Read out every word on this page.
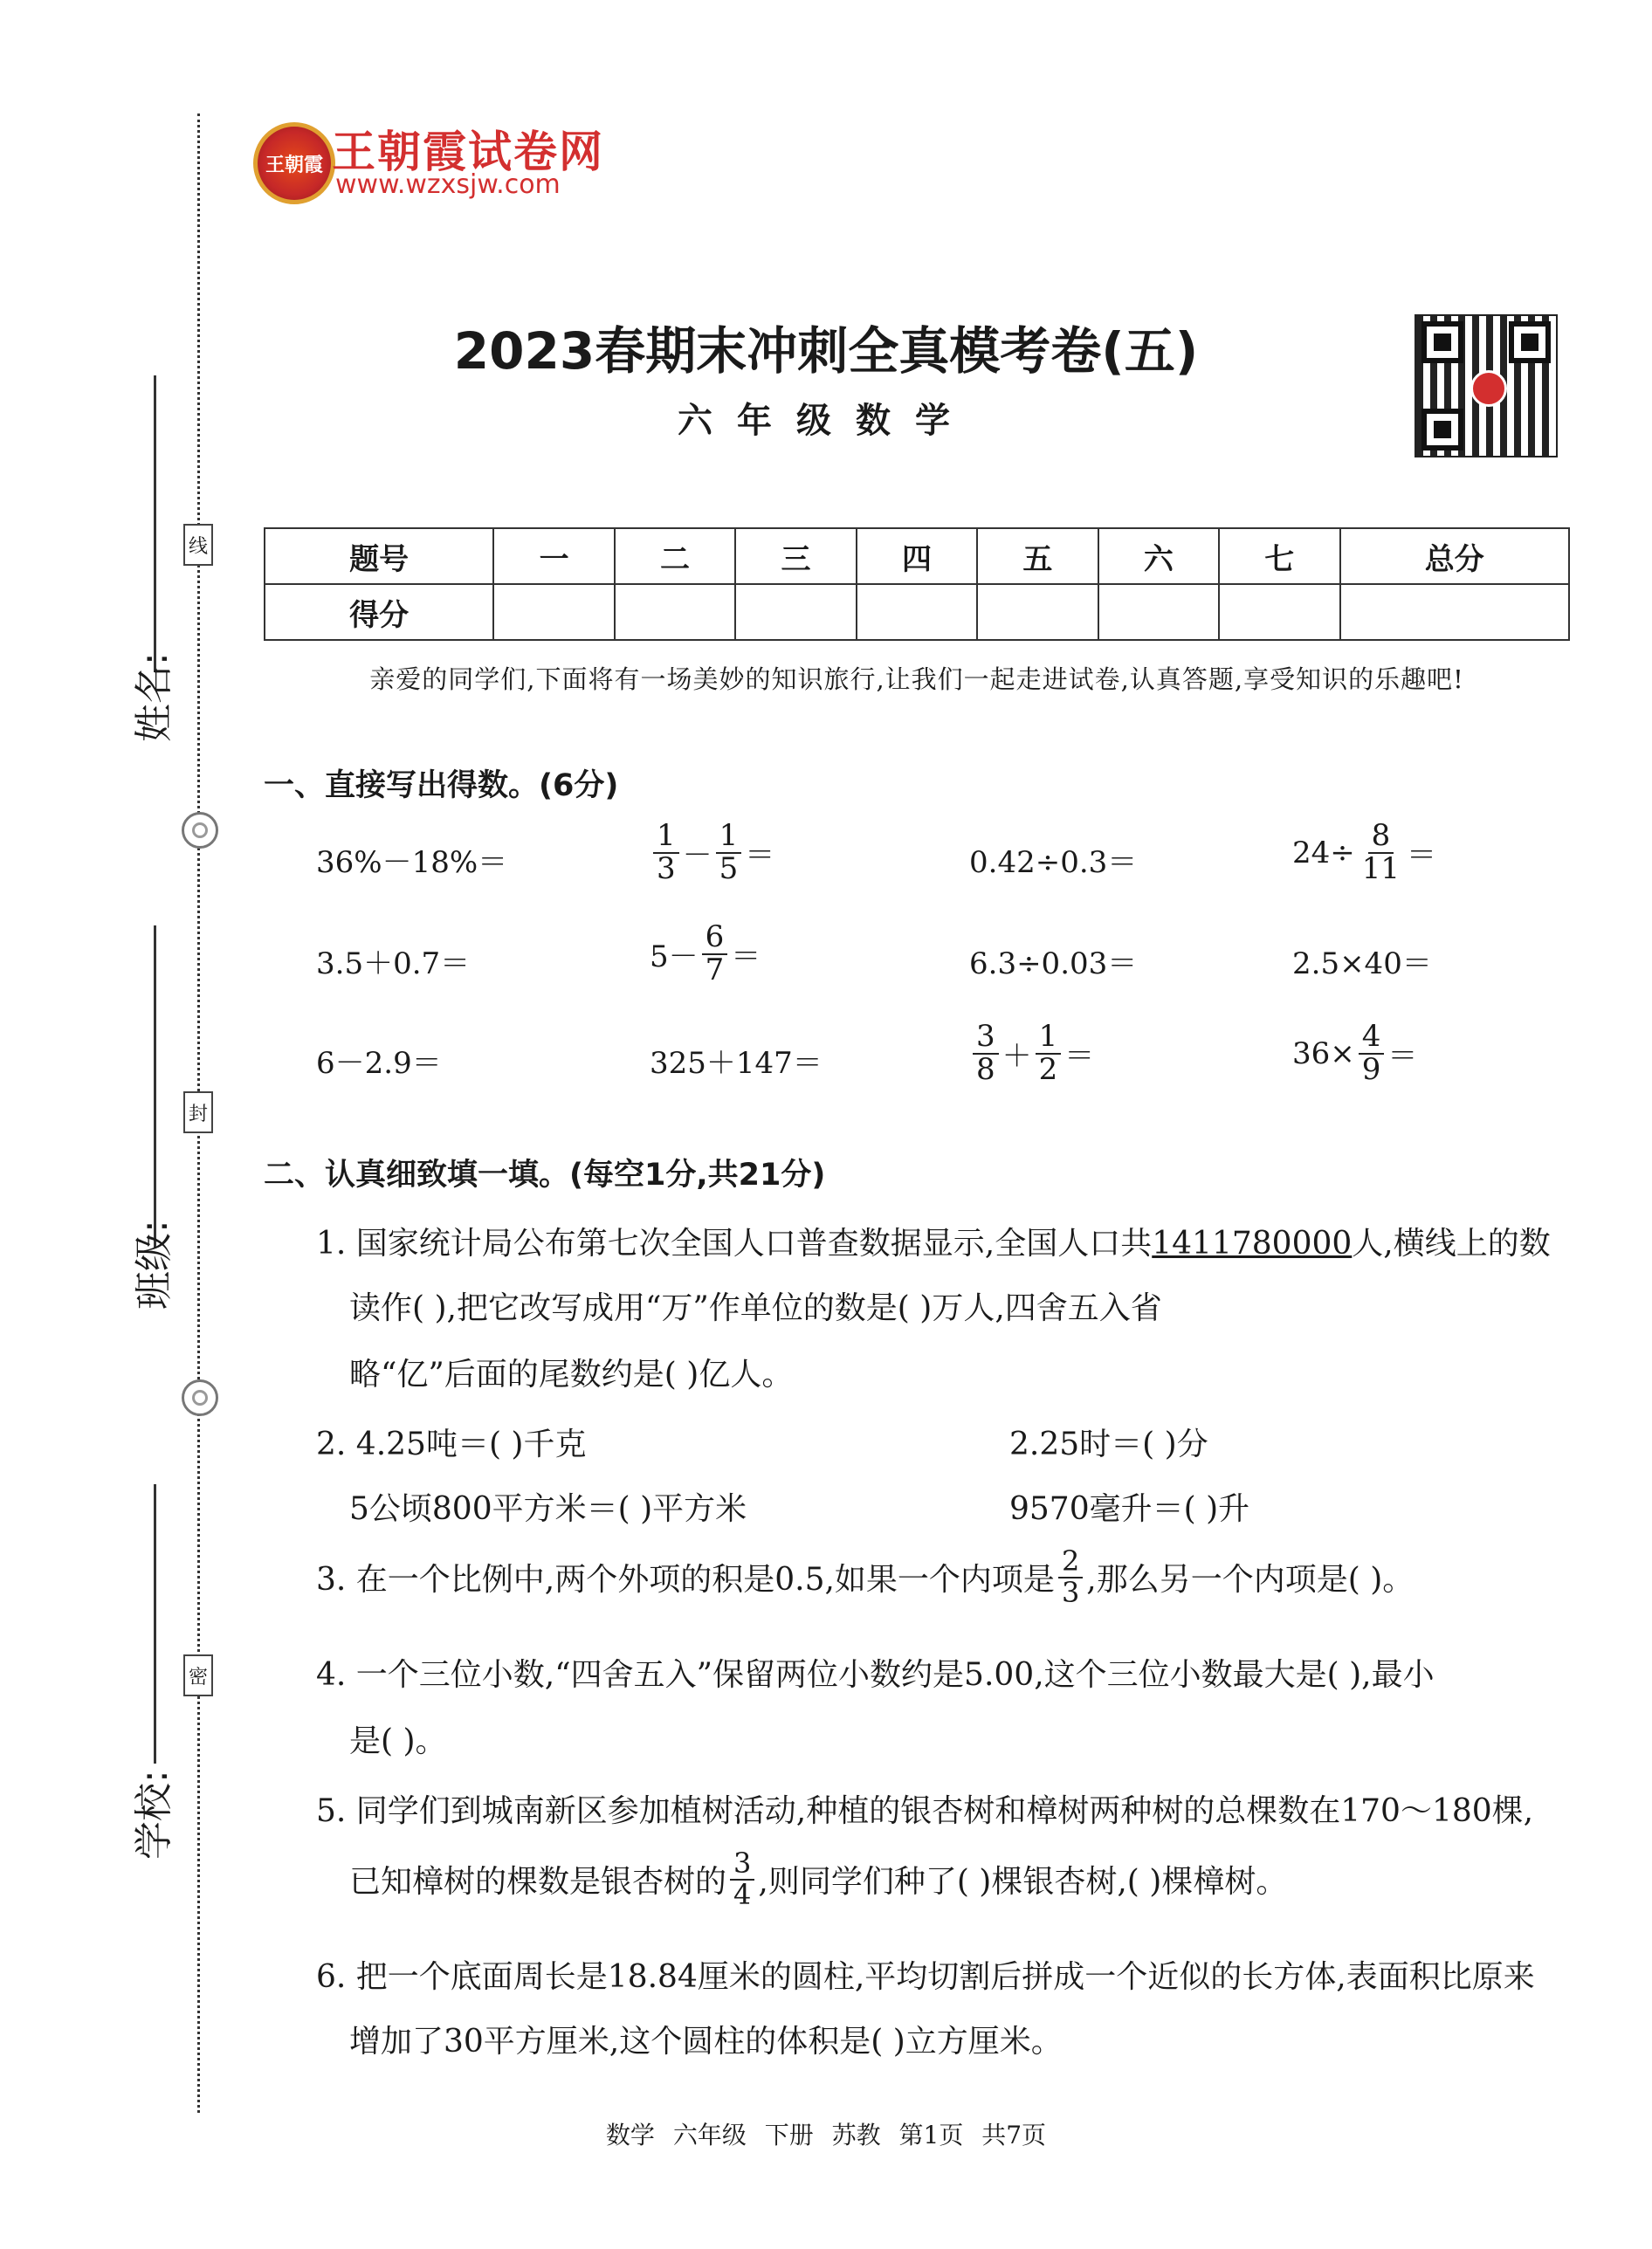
姓名:
班级:
学校:
线
封
密
王朝霞 王朝霞试卷网
www.wzxsjw.com
2023春期末冲刺全真模考卷(五)
六年级数学
题号	一	二	三	四	五	六	七	总分
得分								
亲爱的同学们,下面将有一场美妙的知识旅行,让我们一起走进试卷,认真答题,享受知识的乐趣吧!
一、直接写出得数。(6分)
36%－18%＝	$\frac{1}{3} - \frac{1}{5}$ ＝	0.42÷0.3＝	$24\div \frac{8}{11}$ ＝
3.5＋0.7＝	$5- \frac{6}{7}$ ＝	6.3÷0.03＝	2.5×40＝
6－2.9＝	325＋147＝	$\frac{3}{8} + \frac{1}{2}$ ＝	$36\times \frac{4}{9}$ ＝
二、认真细致填一填。(每空1分,共21分)
1. 国家统计局公布第七次全国人口普查数据显示,全国人口共1411780000人,横线上的数
读作( ),把它改写成用“万”作单位的数是( )万人,四舍五入省
略“亿”后面的尾数约是( )亿人。
2. 4.25吨＝( )千克	2.25时＝( )分
5公顷800平方米＝( )平方米	9570毫升＝( )升
3. 在一个比例中,两个外项的积是0.5,如果一个内项是 $\frac{2}{3}$ ,那么另一个内项是( )。
4. 一个三位小数,“四舍五入”保留两位小数约是5.00,这个三位小数最大是( ),最小
是( )。
5. 同学们到城南新区参加植树活动,种植的银杏树和樟树两种树的总棵数在170～180棵,
已知樟树的棵数是银杏树的 $\frac{3}{4}$ ,则同学们种了( )棵银杏树,( )棵樟树。
6. 把一个底面周长是18.84厘米的圆柱,平均切割后拼成一个近似的长方体,表面积比原来
增加了30平方厘米,这个圆柱的体积是( )立方厘米。
数学 六年级 下册 苏教 第1页 共7页
